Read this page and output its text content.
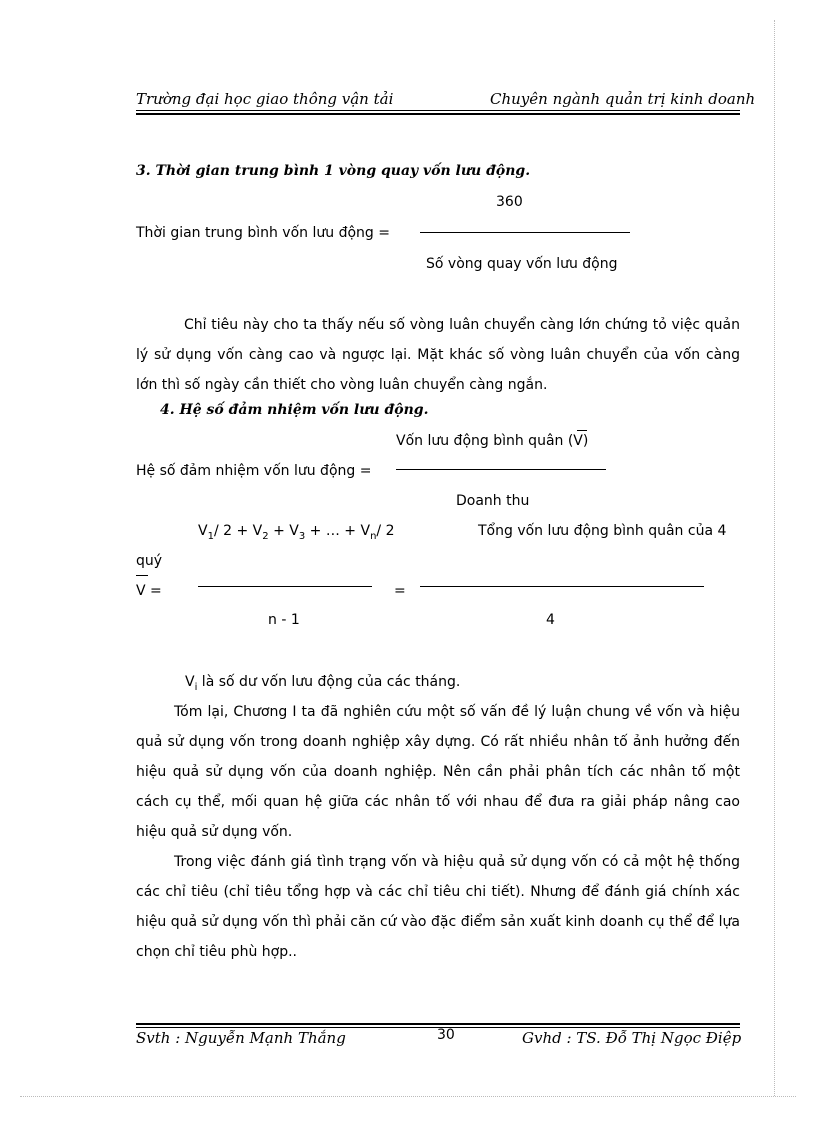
Trường đại học giao thông vận tải	Chuyên ngành quản trị kinh doanh
3. Thời gian trung bình 1 vòng quay vốn lưu động.
360
Thời gian trung bình vốn lưu động =
Số vòng quay vốn lưu động
Chỉ tiêu này cho ta thấy nếu số vòng luân chuyển càng lớn chứng tỏ việc quản lý sử dụng vốn càng cao và ngược lại. Mặt khác số vòng luân chuyển của vốn càng lớn thì số ngày cần thiết cho vòng luân chuyển càng ngắn.
4. Hệ số đảm nhiệm vốn lưu động.
Vốn lưu động bình quân (V)
Hệ số đảm nhiệm vốn lưu động =
Doanh thu
$V_1/$ $2 + V_2 + V_3$ + … + $V_n/$ 2	Tổng vốn lưu động bình quân của 4
quý
V =	=
n - 1	4
$V_i$ là số dư vốn lưu động của các tháng.
Tóm lại, Chương I ta đã nghiên cứu một số vấn đề lý luận chung về vốn và hiệu quả sử dụng vốn trong doanh nghiệp xây dựng. Có rất nhiều nhân tố ảnh hưởng đến hiệu quả sử dụng vốn của doanh nghiệp. Nên cần phải phân tích các nhân tố một cách cụ thể, mối quan hệ giữa các nhân tố với nhau để đưa ra giải pháp nâng cao hiệu quả sử dụng vốn.
Trong việc đánh giá tình trạng vốn và hiệu quả sử dụng vốn có cả một hệ thống các chỉ tiêu (chỉ tiêu tổng hợp và các chỉ tiêu chi tiết). Nhưng để đánh giá chính xác hiệu quả sử dụng vốn thì phải căn cứ vào đặc điểm sản xuất kinh doanh cụ thể để lựa chọn chỉ tiêu phù hợp..
Svth : Nguyễn Mạnh Thắng	30	Gvhd : TS. Đỗ Thị Ngọc Điệp
